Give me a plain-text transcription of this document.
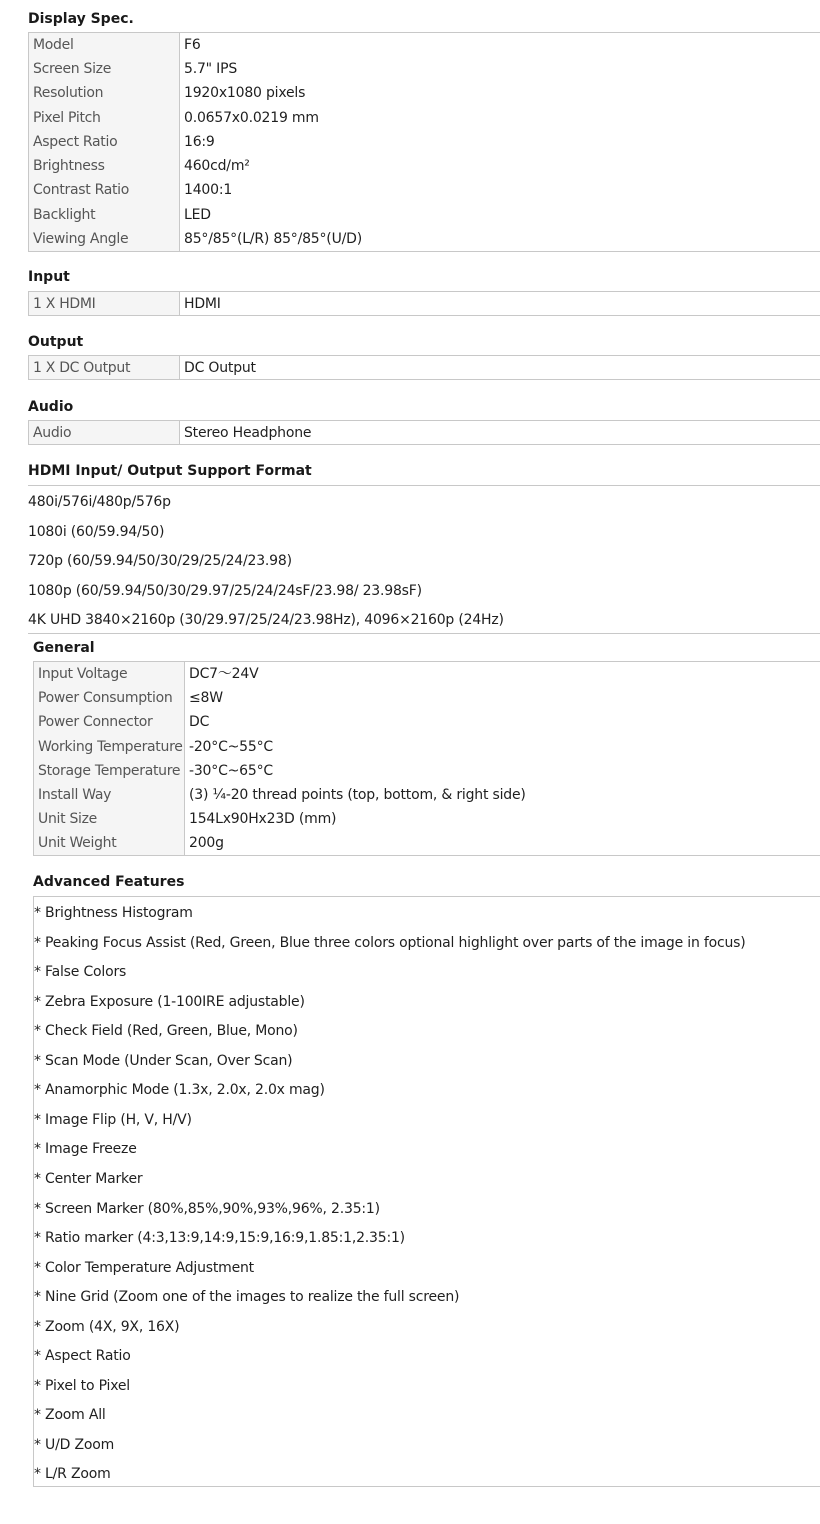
Display Spec.
Model	F6
Screen Size	5.7" IPS
Resolution	1920x1080 pixels
Pixel Pitch	0.0657x0.0219 mm
Aspect Ratio	16:9
Brightness	460cd/m²
Contrast Ratio	1400:1
Backlight	LED
Viewing Angle	85°/85°(L/R) 85°/85°(U/D)
Input
1 X HDMI	HDMI
Output
1 X DC Output	DC Output
Audio
Audio	Stereo Headphone
HDMI Input/ Output Support Format
480i/576i/480p/576p
1080i (60/59.94/50)
720p (60/59.94/50/30/29/25/24/23.98)
1080p (60/59.94/50/30/29.97/25/24/24sF/23.98/ 23.98sF)
4K UHD 3840×2160p (30/29.97/25/24/23.98Hz), 4096×2160p (24Hz)
General
Input Voltage	DC7～24V
Power Consumption	≤8W
Power Connector	DC
Working Temperature	-20°C~55°C
Storage Temperature	-30°C~65°C
Install Way	(3) ¼-20 thread points (top, bottom, & right side)
Unit Size	154Lx90Hx23D (mm)
Unit Weight	200g
Advanced Features
* Brightness Histogram
* Peaking Focus Assist (Red, Green, Blue three colors optional highlight over parts of the image in focus)
* False Colors
* Zebra Exposure (1-100IRE adjustable)
* Check Field (Red, Green, Blue, Mono)
* Scan Mode (Under Scan, Over Scan)
* Anamorphic Mode (1.3x, 2.0x, 2.0x mag)
* Image Flip (H, V, H/V)
* Image Freeze
* Center Marker
* Screen Marker (80%,85%,90%,93%,96%, 2.35:1)
* Ratio marker (4:3,13:9,14:9,15:9,16:9,1.85:1,2.35:1)
* Color Temperature Adjustment
* Nine Grid (Zoom one of the images to realize the full screen)
* Zoom (4X, 9X, 16X)
* Aspect Ratio
* Pixel to Pixel
* Zoom All
* U/D Zoom
* L/R Zoom
